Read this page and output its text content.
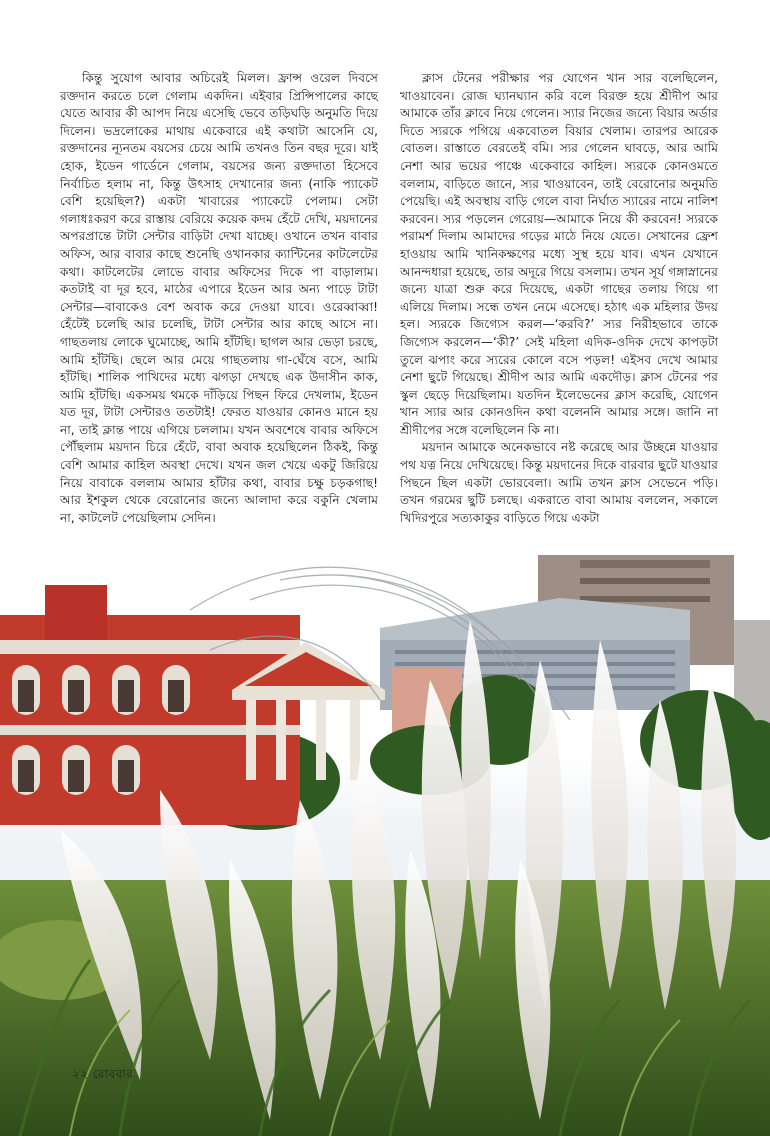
কিন্তু সুযোগ আবার অচিরেই মিলল। ফ্রান্স ওরেল দিবসে রক্তদান করতে চলে গেলাম একদিন। এইবার প্রিন্সিপালের কাছে যেতে আবার কী আপদ নিয়ে এসেছি ভেবে তড়িঘড়ি অনুমতি দিয়ে দিলেন। ভদ্রলোকের মাথায় একেবারে এই কথাটা আসেনি যে, রক্তদানের ন্যূনতম বয়সের চেয়ে আমি তখনও তিন বছর দূরে। যাই হোক, ইডেন গার্ডেনে গেলাম, বয়সের জন্য রক্তদাতা হিসেবে নির্বাচিত হলাম না, কিন্তু উৎসাহ দেখানোর জন্য (নাকি প্যাকেট বেশি হয়েছিল?) একটা খাবারের প্যাকেটে পেলাম। সেটা গলাধঃকরণ করে রাস্তায় বেরিয়ে কয়েক কদম হেঁটে দেখি, ময়দানের অপরপ্রান্তে টাটা সেন্টার বাড়িটা দেখা যাচ্ছে। ওখানে তখন বাবার অফিস, আর বাবার কাছে শুনেছি ওখানকার ক্যান্টিনের কাটলেটের কথা। কাটলেটের লোভে বাবার অফিসের দিকে পা বাড়ালাম। কতটাই বা দূর হবে, মাঠের এপারে ইডেন আর অন্য পাড়ে টাটা সেন্টার—বাবাকেও বেশ অবাক করে দেওয়া যাবে। ওরেব্বাব্বা! হেঁটেই চলেছি আর চলেছি, টাটা সেন্টার আর কাছে আসে না। গাছতলায় লোকে ঘুমোচ্ছে, আমি হাঁটছি। ছাগল আর ভেড়া চরছে, আমি হাঁটছি। ছেলে আর মেয়ে গাছতলায় গা-ঘেঁষে বসে, আমি হাঁটছি। শালিক পাখিদের মধ্যে ঝগড়া দেখছে এক উদাসীন কাক, আমি হাঁটছি। একসময় থমকে দাঁড়িয়ে পিছন ফিরে দেখলাম, ইডেন যত দূর, টাটা সেন্টারও ততটাই! ফেরত যাওয়ার কোনও মানে হয় না, তাই ক্লান্ত পায়ে এগিয়ে চললাম। যখন অবশেষে বাবার অফিসে পৌঁছলাম ময়দান চিরে হেঁটে, বাবা অবাক হয়েছিলেন ঠিকই, কিন্তু বেশি আমার কাহিল অবস্থা দেখে। যখন জল খেয়ে একটু জিরিয়ে নিয়ে বাবাকে বললাম আমার হাঁটার কথা, বাবার চক্ষু চড়কগাছ! আর ইশকুল থেকে বেরোনোর জন্যে আলাদা করে বকুনি খেলাম না, কাটলেট পেয়েছিলাম সেদিন।

ক্লাস টেনের পরীক্ষার পর যোগেন খান সার বলেছিলেন, খাওয়াবেন। রোজ ঘ্যানঘ্যান করি বলে বিরক্ত হয়ে শ্রীদীপ আর আমাকে তাঁর ক্লাবে নিয়ে গেলেন। স্যার নিজের জন্যে বিয়ার অর্ডার দিতে স্যরকে পগিয়ে একবোতল বিয়ার খেলাম। তারপর আরেক বোতল। রাস্তাতে বেরতেই বমি। স্যর গেলেন ঘাবড়ে, আর আমি নেশা আর ভয়ের পাঞ্চে একেবারে কাহিল। স্যরকে কোনওমতে বললাম, বাড়িতে জানে, স্যর খাওয়াবেন, তাই বেরোনোর অনুমতি পেয়েছি। এই অবস্থায় বাড়ি গেলে বাবা নির্ঘাত স্যারের নামে নালিশ করবেন। স্যর পড়লেন গেরোয়—আমাকে নিয়ে কী করবেন! স্যরকে পরামর্শ দিলাম আমাদের গড়ের মাঠে নিয়ে যেতে। সেখানের ফ্রেশ হাওয়ায় আমি খানিকক্ষণের মধ্যে সুস্থ হয়ে যাব। এখন যেখানে আনন্দধারা হয়েছে, তার অদূরে গিয়ে বসলাম। তখন সূর্য গঙ্গাস্নানের জন্যে যাত্রা শুরু করে দিয়েছে, একটা গাছের তলায় গিয়ে গা এলিয়ে দিলাম। সন্ধে তখন নেমে এসেছে। হঠাৎ এক মহিলার উদয় হল। স্যরকে জিগ্যেস করল—‘করবি?’ স্যর নিরীহভাবে তাকে জিগ্যেস করলেন—‘কী?’ সেই মহিলা এদিক-ওদিক দেখে কাপড়টা তুলে ঝপাং করে স্যরের কোলে বসে পড়ল! এইসব দেখে আমার নেশা ছুটে গিয়েছে। শ্রীদীপ আর আমি একদৌড়। ক্লাস টেনের পর স্কুল ছেড়ে দিয়েছিলাম। যতদিন ইলেভেনের ক্লাস করেছি, যোগেন খান স্যার আর কোনওদিন কথা বলেননি আমার সঙ্গে। জানি না শ্রীদীপের সঙ্গে বলেছিলেন কি না।

ময়দান আমাকে অনেকভাবে নষ্ট করেছে আর উচ্ছন্নে যাওয়ার পথ যত্ন নিয়ে দেখিয়েছে। কিন্তু ময়দানের দিকে বারবার ছুটে যাওয়ার পিছনে ছিল একটা ভোরবেলা। আমি তখন ক্লাস সেভেনে পড়ি। তখন গরমের ছুটি চলছে। একরাতে বাবা আমায় বললেন, সকালে খিদিরপুরে সত্যকাকুর বাড়িতে গিয়ে একটা

২২ রোববার
